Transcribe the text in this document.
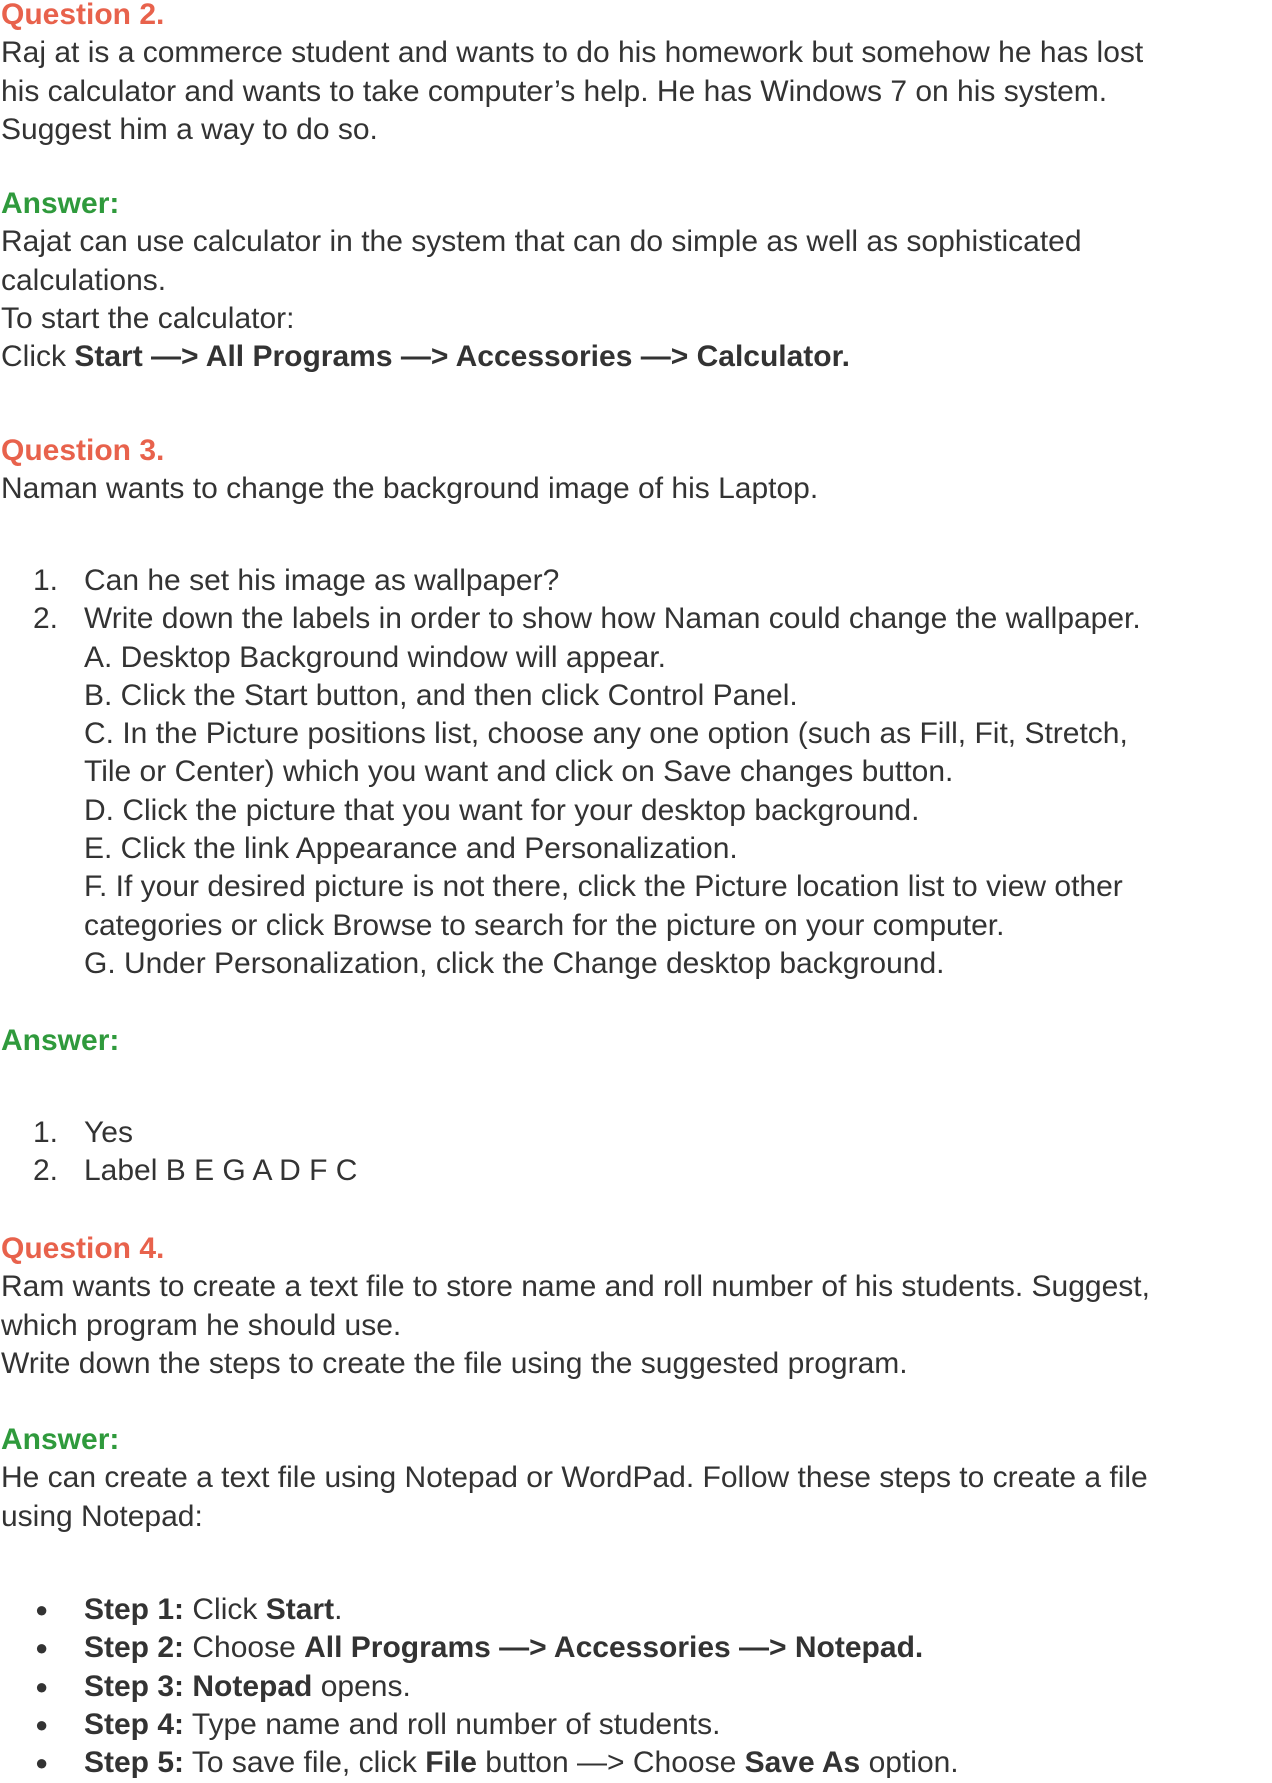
Question 2.
Raj at is a commerce student and wants to do his homework but somehow he has lost
his calculator and wants to take computer’s help. He has Windows 7 on his system.
Suggest him a way to do so.
Answer:
Rajat can use calculator in the system that can do simple as well as sophisticated
calculations.
To start the calculator:
Click Start —> All Programs —> Accessories —> Calculator.
Question 3.
Naman wants to change the background image of his Laptop.
1. Can he set his image as wallpaper?
2. Write down the labels in order to show how Naman could change the wallpaper.
A. Desktop Background window will appear.
B. Click the Start button, and then click Control Panel.
C. In the Picture positions list, choose any one option (such as Fill, Fit, Stretch,
Tile or Center) which you want and click on Save changes button.
D. Click the picture that you want for your desktop background.
E. Click the link Appearance and Personalization.
F. If your desired picture is not there, click the Picture location list to view other
categories or click Browse to search for the picture on your computer.
G. Under Personalization, click the Change desktop background.
Answer:
1. Yes
2. Label B E G A D F C
Question 4.
Ram wants to create a text file to store name and roll number of his students. Suggest,
which program he should use.
Write down the steps to create the file using the suggested program.
Answer:
He can create a text file using Notepad or WordPad. Follow these steps to create a file
using Notepad:
● Step 1: Click Start.
● Step 2: Choose All Programs —> Accessories —> Notepad.
● Step 3: Notepad opens.
● Step 4: Type name and roll number of students.
● Step 5: To save file, click File button —> Choose Save As option.
